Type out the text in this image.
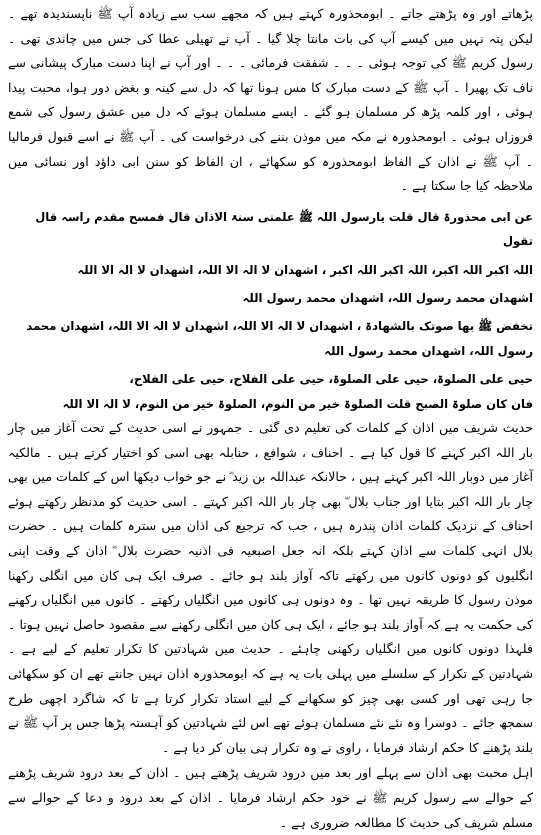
پڑھاتے اور وہ پڑھتے جاتے ۔ ابومحذورہ کہتے ہیں کہ مجھے سب سے زیادہ آپ ﷺ ناپسندیدہ تھے ۔ لیکن پتہ نہیں میں کیسے آپ کی بات مانتا چلا گیا ۔ آپ نے تھیلی عطا کی جس میں چاندی تھی ۔ رسول کریم ﷺ کی توجہ ہوئی ۔ ۔ ۔ شفقت فرمائی ۔ ۔ ۔ اور آپ نے اپنا دست مبارک پیشانی سے ناف تک پھیرا ۔ آپ ﷺ کے دست مبارک کا مس ہونا تھا کہ دل سے کینہ و بغض دور ہوا، محبت پیدا ہوئی ، اور کلمہ پڑھ کر مسلمان ہو گئے ۔ ایسے مسلمان ہوئے کہ دل میں عشق رسول کی شمع فروزاں ہوئی ۔ ابومحذورہ نے مکہ میں موذن بننے کی درخواست کی ۔ آپ ﷺ نے اسے قبول فرمالیا ۔ آپ ﷺ نے اذان کے الفاظ ابومحذورہ کو سکھائے ، ان الفاظ کو سنن ابی داؤد اور نسائی میں ملاحظہ کیا جا سکتا ہے ۔

عن ابی محذورۃ قال قلت یارسول اللہ ﷺ علمنی سنۃ الاذان قال فمسح مقدم راسہ قال تقول

اللہ اکبر اللہ اکبر، اللہ اکبر اللہ اکبر ، اشھدان لا الہ الا اللہ، اشھدان لا الہ الا اللہ

اشھدان محمد رسول اللہ، اشھدان محمد رسول اللہ

تخفض ﷺ بھا صوتک بالشھادۃ ، اشھدان لا الہ الا اللہ، اشھدان لا الہ الا اللہ، اشھدان محمد رسول اللہ، اشھدان محمد رسول اللہ

حیی علی الصلوۃ، حیی علی الصلوۃ، حیی علی الفلاح، حیی علی الفلاح،

فان کان صلوۃ الصبح قلت الصلوۃ خیر من النوم، الصلوۃ خیر من النوم، لا الہ الا اللہ

حدیث شریف میں اذان کے کلمات کی تعلیم دی گئی ۔ جمہور نے اسی حدیث کے تحت آغاز میں چار بار اللہ اکبر کہنے کا قول کیا ہے ۔ احناف ، شوافع ، حنابلہ بھی اسی کو اختیار کرتے ہیں ۔ مالکیہ آغاز میں دوبار اللہ اکبر کہتے ہیں ، حالانکہ عبداللہ بن زید ؓ نے جو خواب دیکھا اس کے کلمات میں بھی چار بار اللہ اکبر بتایا اور جناب بلال ؓ بھی چار بار اللہ اکبر کہتے ۔ اسی حدیث کو مدنظر رکھتے ہوئے احناف کے نزدیک کلمات اذان پندرہ ہیں ، جب کہ ترجیع کی اذان میں سترہ کلمات ہیں ۔ حضرت بلال انہی کلمات سے اذان کہتے بلکہ انہ جعل اصبعیہ فی اذنیہ حضرت بلال ؓ اذان کے وقت اپنی انگلیوں کو دونوں کانوں میں رکھتے تاکہ آواز بلند ہو جائے ۔ صرف ایک ہی کان میں انگلی رکھنا موذن رسول کا طریقہ نہیں تھا ۔ وہ دونوں ہی کانوں میں انگلیاں رکھتے ۔ کانوں میں انگلیاں رکھنے کی حکمت یہ ہے کہ آواز بلند ہو جائے ، ایک ہی کان میں انگلی رکھنے سے مقصود حاصل نہیں ہوتا ۔ فلہذا دونوں کانوں میں انگلیاں رکھنی چاہئے ۔ حدیث میں شہادتین کا تکرار تعلیم کے لیے ہے ۔ شہادتین کے تکرار کے سلسلے میں پہلی بات یہ ہے کہ ابومحذورہ اذان نہیں جانتے تھے ان کو سکھائی جا رہی تھی اور کسی بھی چیز کو سکھانے کے لیے استاد تکرار کرتا ہے تا کہ شاگرد اچھی طرح سمجھ جائے ۔ دوسرا وہ نئے نئے مسلمان ہوئے تھے اس لئے شہادتین کو آہستہ پڑھا جس پر آپ ﷺ نے بلند پڑھنے کا حکم ارشاد فرمایا ، راوی نے وہ تکرار ہی بیان کر دیا ہے ۔

اہل محبت بھی اذان سے پہلے اور بعد میں درود شریف پڑھتے ہیں ۔ اذان کے بعد درود شریف پڑھنے کے حوالے سے رسول کریم ﷺ نے خود حکم ارشاد فرمایا ۔ اذان کے بعد درود و دعا کے حوالے سے مسلم شریف کی حدیث کا مطالعہ ضروری ہے ۔
